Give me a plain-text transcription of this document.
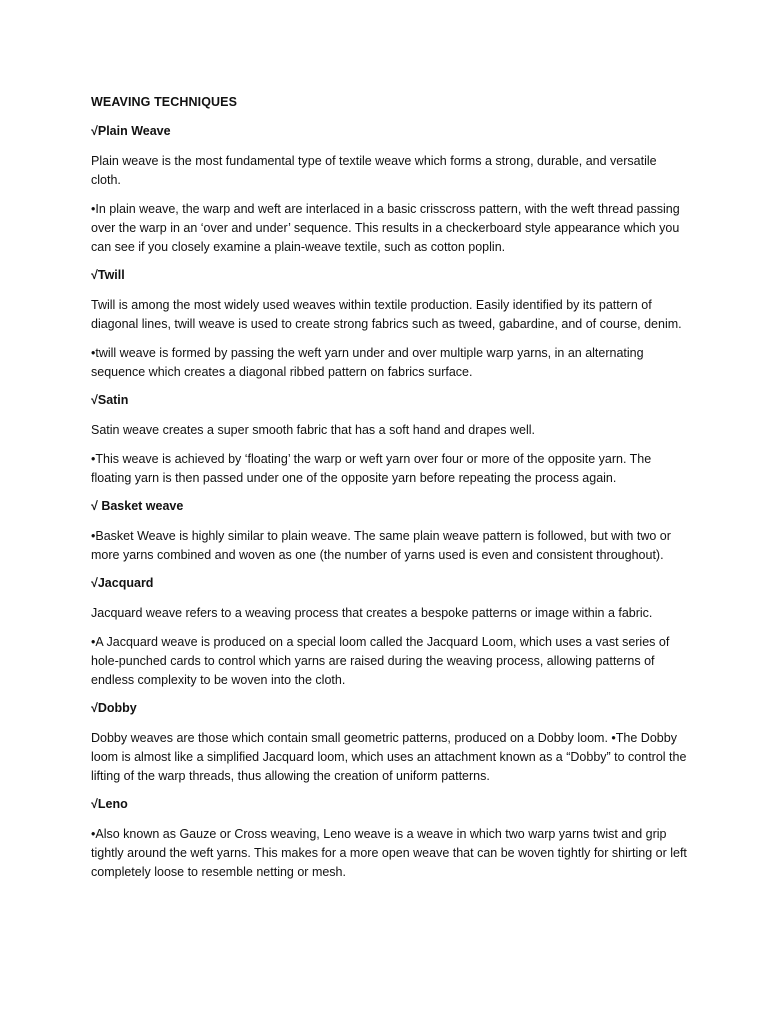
WEAVING TECHNIQUES
√Plain Weave

Plain weave is the most fundamental type of textile weave which forms a strong, durable, and versatile cloth.

•In plain weave, the warp and weft are interlaced in a basic crisscross pattern, with the weft thread passing over the warp in an ‘over and under’ sequence. This results in a checkerboard style appearance which you can see if you closely examine a plain-weave textile, such as cotton poplin.

√Twill

Twill is among the most widely used weaves within textile production. Easily identified by its pattern of diagonal lines, twill weave is used to create strong fabrics such as tweed, gabardine, and of course, denim.

•twill weave is formed by passing the weft yarn under and over multiple warp yarns, in an alternating sequence which creates a diagonal ribbed pattern on fabrics surface.

√Satin

Satin weave creates a super smooth fabric that has a soft hand and drapes well.

•This weave is achieved by ‘floating’ the warp or weft yarn over four or more of the opposite yarn. The floating yarn is then passed under one of the opposite yarn before repeating the process again.

√ Basket weave

•Basket Weave is highly similar to plain weave. The same plain weave pattern is followed, but with two or more yarns combined and woven as one (the number of yarns used is even and consistent throughout).

√Jacquard

Jacquard weave refers to a weaving process that creates a bespoke patterns or image within a fabric.

•A Jacquard weave is produced on a special loom called the Jacquard Loom, which uses a vast series of hole-punched cards to control which yarns are raised during the weaving process, allowing patterns of endless complexity to be woven into the cloth.

√Dobby

Dobby weaves are those which contain small geometric patterns, produced on a Dobby loom. •The Dobby loom is almost like a simplified Jacquard loom, which uses an attachment known as a “Dobby” to control the lifting of the warp threads, thus allowing the creation of uniform patterns.

√Leno

•Also known as Gauze or Cross weaving, Leno weave is a weave in which two warp yarns twist and grip tightly around the weft yarns. This makes for a more open weave that can be woven tightly for shirting or left completely loose to resemble netting or mesh.
